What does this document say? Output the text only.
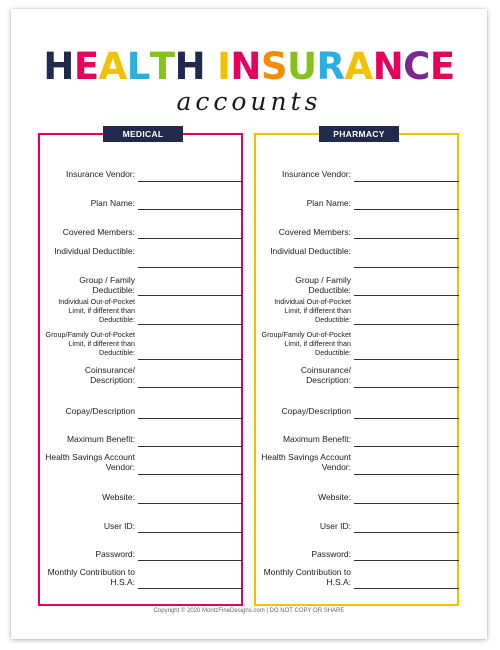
HEALTH INSURANCE
accounts
MEDICAL
Insurance Vendor:
Plan Name:
Covered Members:
Individual Deductible:
Group / Family Deductible:
Individual Out-of-Pocket Limit, if different than Deductible:
Group/Family Out-of-Pocket Limit, if different than Deductible:
Coinsurance/ Description:
Copay/Description
Maximum Benefit:
Health Savings Account Vendor:
Website:
User ID:
Password:
Monthly Contribution to H.S.A:
PHARMACY
Insurance Vendor:
Plan Name:
Covered Members:
Individual Deductible:
Group / Family Deductible:
Individual Out-of-Pocket Limit, if different than Deductible:
Group/Family Out-of-Pocket Limit, if different than Deductible:
Coinsurance/ Description:
Copay/Description
Maximum Benefit:
Health Savings Account Vendor:
Website:
User ID:
Password:
Monthly Contribution to H.S.A:
Copyright © 2020 MoritzFineDesigns.com | DO NOT COPY OR SHARE
